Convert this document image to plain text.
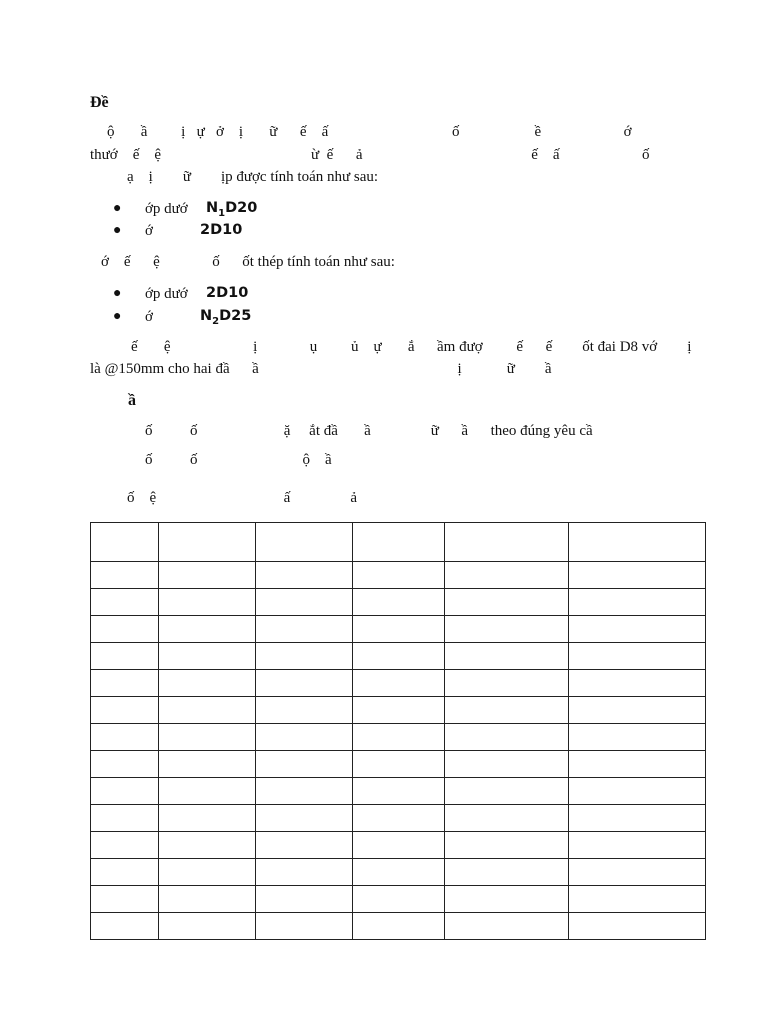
Đề
ộ       ầ         ị   ự   ở    ị       ữ      ế    ấ                                 ố                    ề                      ớ
thướ    ế    ệ                                        ừ  ế      ả                                             ế    ấ                      ố
ạ    ị        ữ        ịp được tính toán như sau:
● ớp dướ $N_1D20$
● ớ	2D10
ớ    ế      ệ              ố      ốt thép tính toán như sau:
● ớp dướ 2D10
● ớ	$N_2D25$
ế       ệ                      ị              ụ         ủ    ự       ắ      ầm đượ         ế      ế        ốt đai D8 vớ        ị
là @150mm cho hai đầ      ầ                                                     ị            ữ        ầ
ầ
ố          ố                       ặ     ắt đầ       ầ                ữ      ầ      theo đúng yêu cầ
ố          ố                            ộ    ầ
ố    ệ                                  ấ                ả
